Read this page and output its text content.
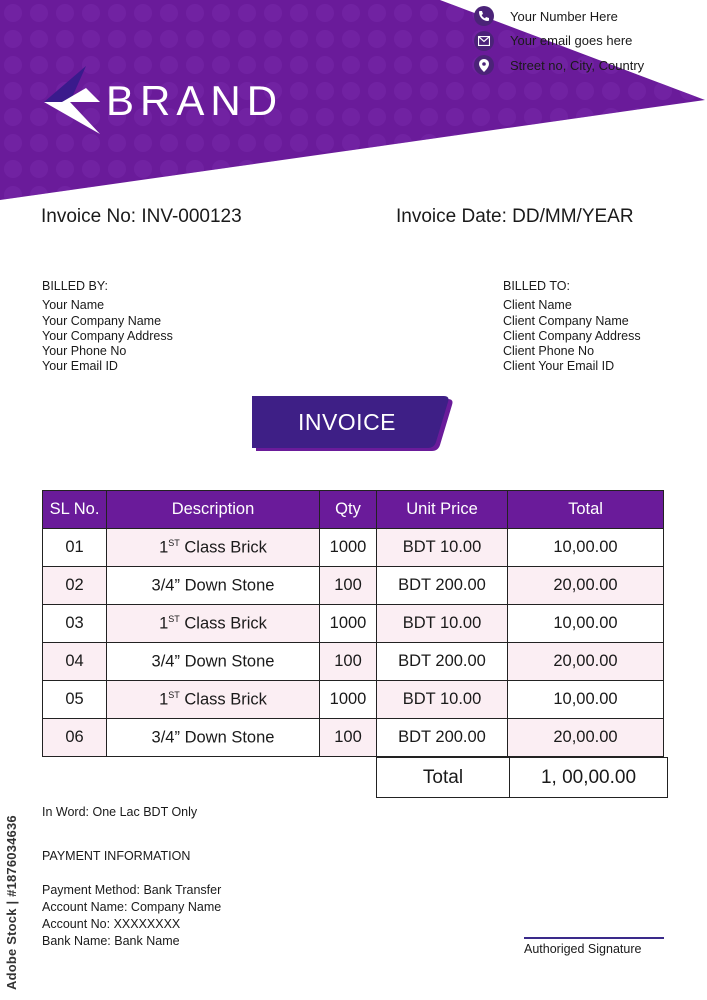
BRAND
Your Number Here
Your email goes here
Street no, City, Country
Invoice No: INV-000123	Invoice Date: DD/MM/YEAR
BILLED BY:
Your Name
Your Company Name
Your Company Address
Your Phone No
Your Email ID
BILLED TO:
Client Name
Client Company Name
Client Company Address
Client Phone No
Client Your Email ID
INVOICE
SL No.	Description	Qty	Unit Price	Total
01	1ST Class Brick	1000	BDT 10.00	10,00.00
02	3/4” Down Stone	100	BDT 200.00	20,00.00
03	1ST Class Brick	1000	BDT 10.00	10,00.00
04	3/4” Down Stone	100	BDT 200.00	20,00.00
05	1ST Class Brick	1000	BDT 10.00	10,00.00
06	3/4” Down Stone	100	BDT 200.00	20,00.00
Total	1, 00,00.00
In Word: One Lac BDT Only
PAYMENT INFORMATION
Payment Method: Bank Transfer
Account Name: Company Name
Account No: XXXXXXXX
Bank Name: Bank Name
Authoriged Signature
Adobe Stock | #187603463​6
